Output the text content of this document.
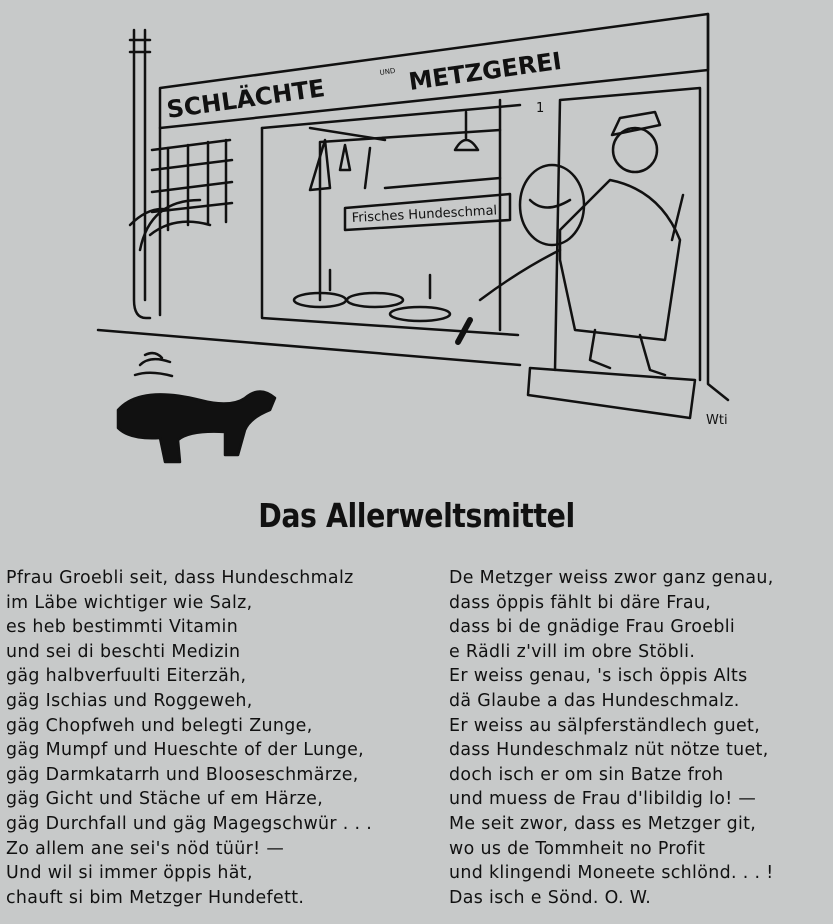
SCHLÄCHTE
UND METZGEREI
1
Frisches Hundeschmal
Wti
Das Allerweltsmittel
Pfrau Groebli seit, dass Hundeschmalz
im Läbe wichtiger wie Salz,
es heb bestimmti Vitamin
und sei di beschti Medizin
gäg halbverfuulti Eiterzäh,
gäg Ischias und Roggeweh,
gäg Chopfweh und belegti Zunge,
gäg Mumpf und Hueschte of der Lunge,
gäg Darmkatarrh und Blooseschmärze,
gäg Gicht und Stäche uf em Härze,
gäg Durchfall und gäg Magegschwür . . .
Zo allem ane sei's nöd tüür! —
Und wil si immer öppis hät,
chauft si bim Metzger Hundefett.
De Metzger weiss zwor ganz genau,
dass öppis fählt bi däre Frau,
dass bi de gnädige Frau Groebli
e Rädli z'vill im obre Stöbli.
Er weiss genau, 's isch öppis Alts
dä Glaube a das Hundeschmalz.
Er weiss au sälpferständlech guet,
dass Hundeschmalz nüt nötze tuet,
doch isch er om sin Batze froh
und muess de Frau d'libildig lo! —
Me seit zwor, dass es Metzger git,
wo us de Tommheit no Profit
und klingendi Moneete schlönd. . . !
Das isch e Sönd. O. W.
